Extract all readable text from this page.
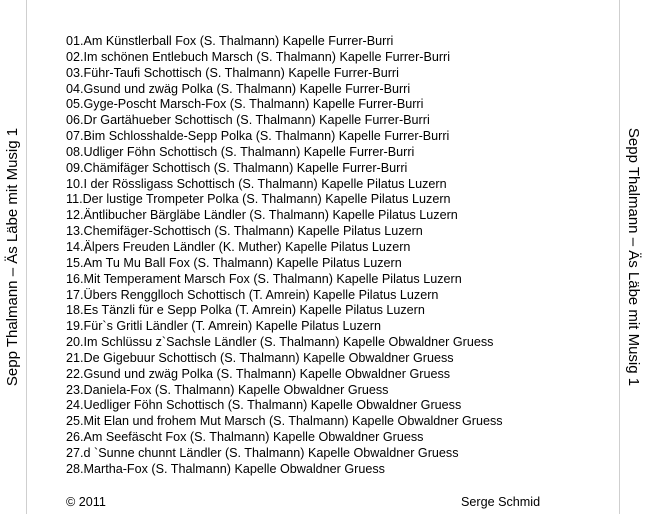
Sepp Thalmann – Äs Läbe mit Musig 1
01.Am Künstlerball Fox (S. Thalmann) Kapelle Furrer-Burri
02.Im schönen Entlebuch Marsch (S. Thalmann) Kapelle Furrer-Burri
03.Führ-Taufi Schottisch (S. Thalmann) Kapelle Furrer-Burri
04.Gsund und zwäg Polka (S. Thalmann) Kapelle Furrer-Burri
05.Gyge-Poscht Marsch-Fox (S. Thalmann) Kapelle Furrer-Burri
06.Dr Gartähueber Schottisch (S. Thalmann) Kapelle Furrer-Burri
07.Bim Schlosshalde-Sepp Polka (S. Thalmann) Kapelle Furrer-Burri
08.Udliger Föhn Schottisch (S. Thalmann) Kapelle Furrer-Burri
09.Chämifäger Schottisch (S. Thalmann) Kapelle Furrer-Burri
10.I der Rössligass Schottisch (S. Thalmann) Kapelle Pilatus Luzern
11.Der lustige Trompeter Polka (S. Thalmann) Kapelle Pilatus Luzern
12.Äntlibucher Bärgläbe Ländler (S. Thalmann) Kapelle Pilatus Luzern
13.Chemifäger-Schottisch (S. Thalmann) Kapelle Pilatus Luzern
14.Älpers Freuden Ländler (K. Muther) Kapelle Pilatus Luzern
15.Am Tu Mu Ball Fox (S. Thalmann) Kapelle Pilatus Luzern
16.Mit Temperament Marsch Fox (S. Thalmann) Kapelle Pilatus Luzern
17.Übers Rengglloch Schottisch (T. Amrein) Kapelle Pilatus Luzern
18.Es Tänzli für e Sepp Polka (T. Amrein) Kapelle Pilatus Luzern
19.Für`s Gritli Ländler (T. Amrein) Kapelle Pilatus Luzern
20.Im Schlüssu z`Sachsle Ländler (S. Thalmann) Kapelle Obwaldner Gruess
21.De Gigebuur Schottisch (S. Thalmann) Kapelle Obwaldner Gruess
22.Gsund und zwäg Polka (S. Thalmann) Kapelle Obwaldner Gruess
23.Daniela-Fox (S. Thalmann) Kapelle Obwaldner Gruess
24.Uedliger Föhn Schottisch (S. Thalmann) Kapelle Obwaldner Gruess
25.Mit Elan und frohem Mut Marsch (S. Thalmann) Kapelle Obwaldner Gruess
26.Am Seefäscht Fox (S. Thalmann) Kapelle Obwaldner Gruess
27.d `Sunne chunnt Ländler (S. Thalmann) Kapelle Obwaldner Gruess
28.Martha-Fox (S. Thalmann) Kapelle Obwaldner Gruess
© 2011	Serge Schmid
Sepp Thalmann – Äs Läbe mit Musig 1
